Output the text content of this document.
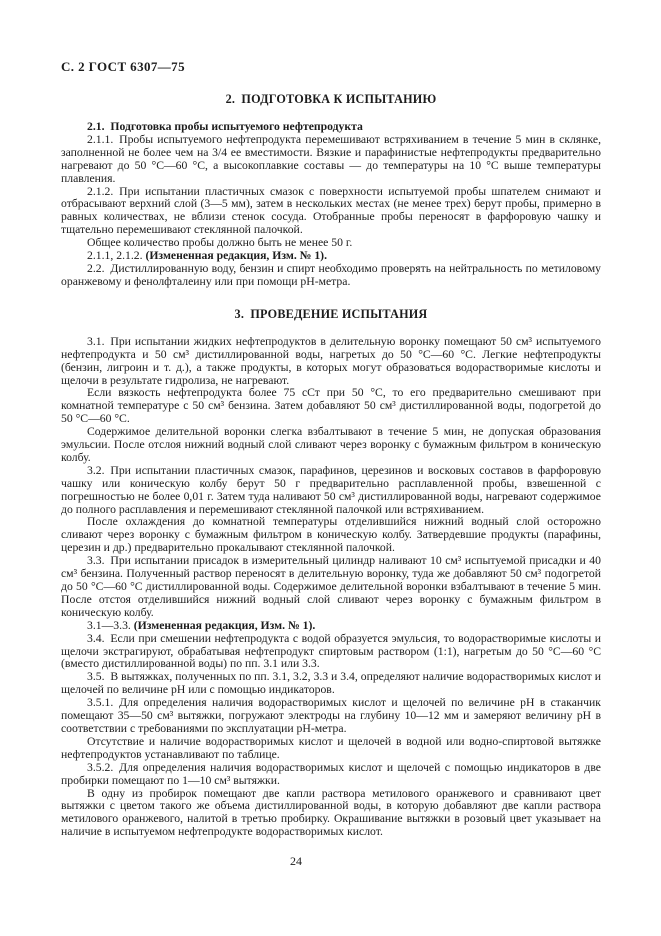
С. 2 ГОСТ 6307—75

2. ПОДГОТОВКА К ИСПЫТАНИЮ

2.1. Подготовка пробы испытуемого нефтепродукта

2.1.1. Пробы испытуемого нефтепродукта перемешивают встряхиванием в течение 5 мин в склянке, заполненной не более чем на 3/4 ее вместимости. Вязкие и парафинистые нефтепродукты предварительно нагревают до 50 °С—60 °С, а высокоплавкие составы — до температуры на 10 °С выше температуры плавления.

2.1.2. При испытании пластичных смазок с поверхности испытуемой пробы шпателем снимают и отбрасывают верхний слой (3—5 мм), затем в нескольких местах (не менее трех) берут пробы, примерно в равных количествах, не вблизи стенок сосуда. Отобранные пробы переносят в фарфоровую чашку и тщательно перемешивают стеклянной палочкой.

Общее количество пробы должно быть не менее 50 г.

2.1.1, 2.1.2. (Измененная редакция, Изм. № 1).

2.2. Дистиллированную воду, бензин и спирт необходимо проверять на нейтральность по метиловому оранжевому и фенолфталеину или при помощи рН-метра.

3. ПРОВЕДЕНИЕ ИСПЫТАНИЯ

3.1. При испытании жидких нефтепродуктов в делительную воронку помещают 50 см³ испытуемого нефтепродукта и 50 см³ дистиллированной воды, нагретых до 50 °С—60 °С. Легкие нефтепродукты (бензин, лигроин и т. д.), а также продукты, в которых могут образоваться водорастворимые кислоты и щелочи в результате гидролиза, не нагревают.

Если вязкость нефтепродукта более 75 сСт при 50 °С, то его предварительно смешивают при комнатной температуре с 50 см³ бензина. Затем добавляют 50 см³ дистиллированной воды, подогретой до 50 °С—60 °С.

Содержимое делительной воронки слегка взбалтывают в течение 5 мин, не допуская образования эмульсии. После отслоя нижний водный слой сливают через воронку с бумажным фильтром в коническую колбу.

3.2. При испытании пластичных смазок, парафинов, церезинов и восковых составов в фарфоровую чашку или коническую колбу берут 50 г предварительно расплавленной пробы, взвешенной с погрешностью не более 0,01 г. Затем туда наливают 50 см³ дистиллированной воды, нагревают содержимое до полного расплавления и перемешивают стеклянной палочкой или встряхиванием.

После охлаждения до комнатной температуры отделившийся нижний водный слой осторожно сливают через воронку с бумажным фильтром в коническую колбу. Затвердевшие продукты (парафины, церезин и др.) предварительно прокалывают стеклянной палочкой.

3.3. При испытании присадок в измерительный цилиндр наливают 10 см³ испытуемой присадки и 40 см³ бензина. Полученный раствор переносят в делительную воронку, туда же добавляют 50 см³ подогретой до 50 °С—60 °С дистиллированной воды. Содержимое делительной воронки взбалтывают в течение 5 мин. После отстоя отделившийся нижний водный слой сливают через воронку с бумажным фильтром в коническую колбу.

3.1—3.3. (Измененная редакция, Изм. № 1).

3.4. Если при смешении нефтепродукта с водой образуется эмульсия, то водорастворимые кислоты и щелочи экстрагируют, обрабатывая нефтепродукт спиртовым раствором (1:1), нагретым до 50 °С—60 °С (вместо дистиллированной воды) по пп. 3.1 или 3.3.

3.5. В вытяжках, полученных по пп. 3.1, 3.2, 3.3 и 3.4, определяют наличие водорастворимых кислот и щелочей по величине рН или с помощью индикаторов.

3.5.1. Для определения наличия водорастворимых кислот и щелочей по величине рН в стаканчик помещают 35—50 см³ вытяжки, погружают электроды на глубину 10—12 мм и замеряют величину рН в соответствии с требованиями по эксплуатации рН-метра.

Отсутствие и наличие водорастворимых кислот и щелочей в водной или водно-спиртовой вытяжке нефтепродуктов устанавливают по таблице.

3.5.2. Для определения наличия водорастворимых кислот и щелочей с помощью индикаторов в две пробирки помещают по 1—10 см³ вытяжки.

В одну из пробирок помещают две капли раствора метилового оранжевого и сравнивают цвет вытяжки с цветом такого же объема дистиллированной воды, в которую добавляют две капли раствора метилового оранжевого, налитой в третью пробирку. Окрашивание вытяжки в розовый цвет указывает на наличие в испытуемом нефтепродукте водорастворимых кислот.

24
